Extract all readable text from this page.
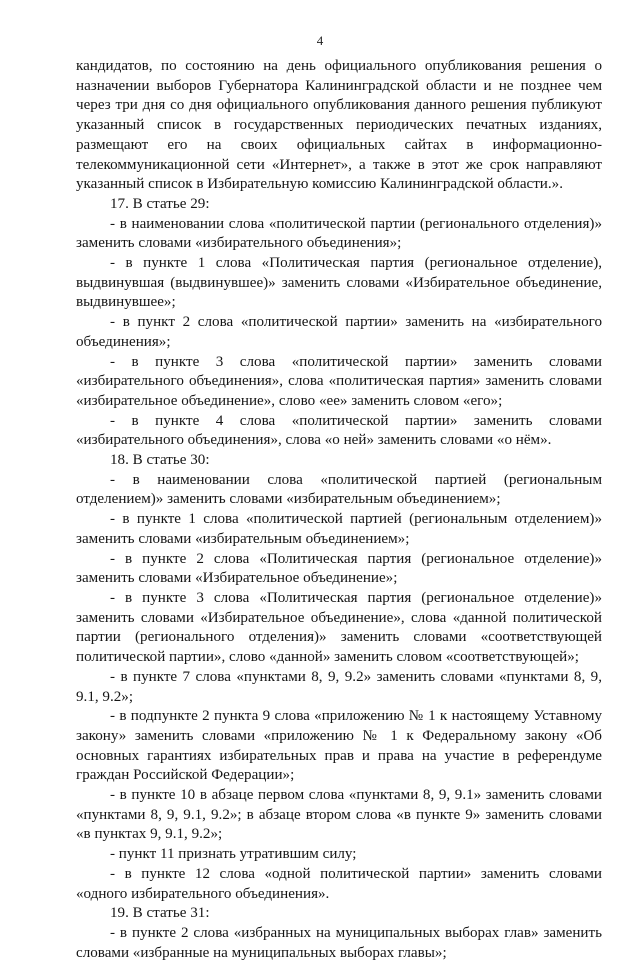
4

кандидатов, по состоянию на день официального опубликования решения о назначении выборов Губернатора Калининградской области и не позднее чем через три дня со дня официального опубликования данного решения публикуют указанный список в государственных периодических печатных изданиях, размещают его на своих официальных сайтах в информационно-телекоммуникационной сети «Интернет», а также в этот же срок направляют указанный список в Избирательную комиссию Калининградской области.».

17. В статье 29:

- в наименовании слова «политической партии (регионального отделения)» заменить словами «избирательного объединения»;

- в пункте 1 слова «Политическая партия (региональное отделение), выдвинувшая (выдвинувшее)» заменить словами «Избирательное объединение, выдвинувшее»;

- в пункт 2 слова «политической партии» заменить на «избирательного объединения»;

- в пункте 3 слова «политической партии» заменить словами «избирательного объединения», слова «политическая партия» заменить словами «избирательное объединение», слово «ее» заменить словом «его»;

- в пункте 4 слова «политической партии» заменить словами «избирательного объединения», слова «о ней» заменить словами «о нём».

18. В статье 30:

- в наименовании слова «политической партией (региональным отделением)» заменить словами «избирательным объединением»;

- в пункте 1 слова «политической партией (региональным отделением)» заменить словами «избирательным объединением»;

- в пункте 2 слова «Политическая партия (региональное отделение)» заменить словами «Избирательное объединение»;

- в пункте 3 слова «Политическая партия (региональное отделение)» заменить словами «Избирательное объединение», слова «данной политической партии (регионального отделения)» заменить словами «соответствующей политической партии», слово «данной» заменить словом «соответствующей»;

- в пункте 7 слова «пунктами 8, 9, 9.2» заменить словами «пунктами 8, 9, 9.1, 9.2»;

- в подпункте 2 пункта 9 слова «приложению № 1 к настоящему Уставному закону» заменить словами «приложению № 1 к Федеральному закону «Об основных гарантиях избирательных прав и права на участие в референдуме граждан Российской Федерации»;

- в пункте 10 в абзаце первом слова «пунктами 8, 9, 9.1» заменить словами «пунктами 8, 9, 9.1, 9.2»; в абзаце втором слова «в пункте 9» заменить словами «в пунктах 9, 9.1, 9.2»;

- пункт 11 признать утратившим силу;

- в пункте 12 слова «одной политической партии» заменить словами «одного избирательного объединения».

19. В статье 31:

- в пункте 2 слова «избранных на муниципальных выборах глав» заменить словами «избранные на муниципальных выборах главы»;
